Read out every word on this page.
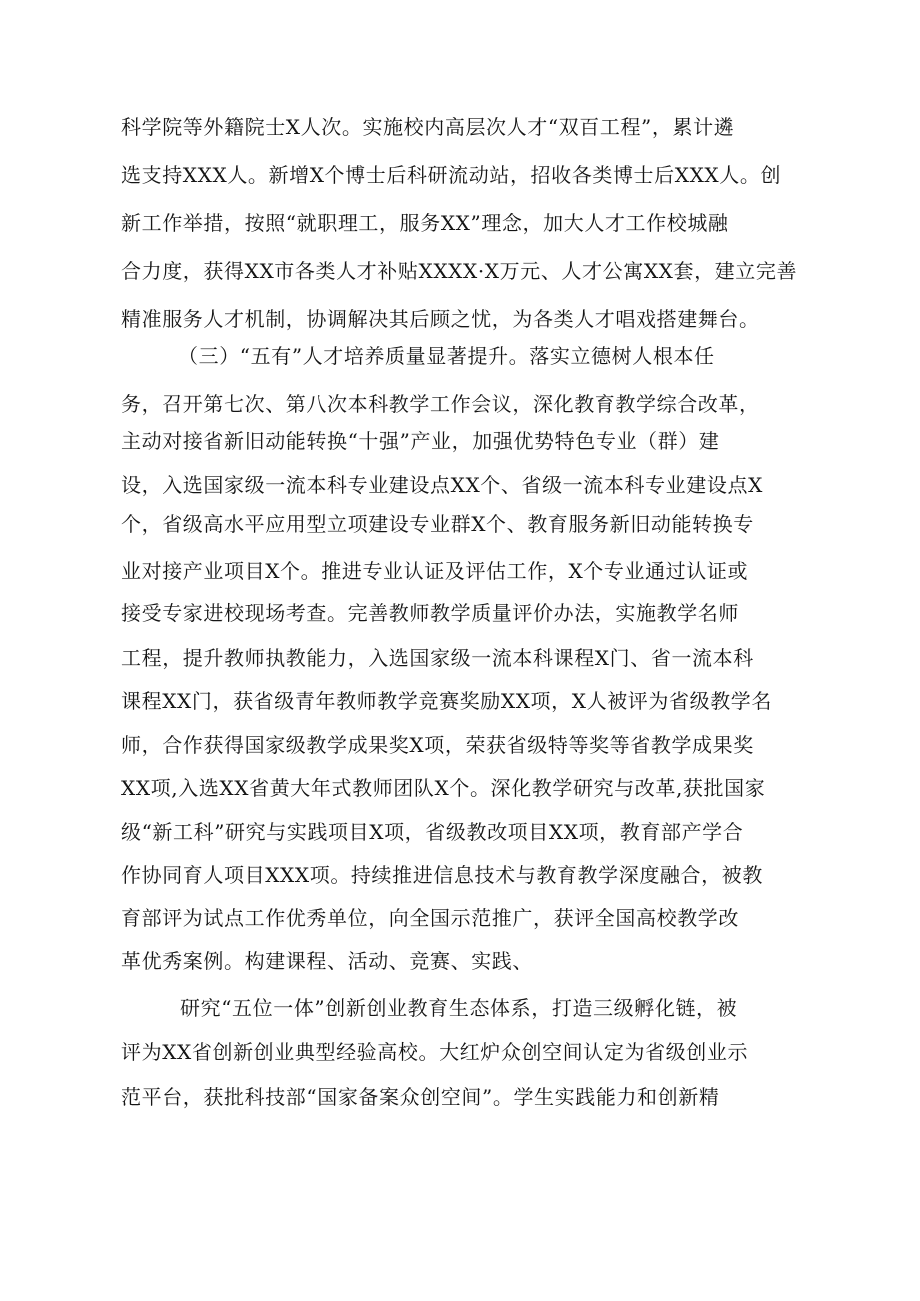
科学院等外籍院士X人次。实施校内高层次人才“双百工程”，累计遴
选支持XXX人。新增X个博士后科研流动站，招收各类博士后XXX人。创
新工作举措，按照“就职理工，服务XX”理念，加大人才工作校城融
合力度，获得XX市各类人才补贴XXXX·X万元、人才公寓XX套，建立完善
精准服务人才机制，协调解决其后顾之忧，为各类人才唱戏搭建舞台。
（三）“五有”人才培养质量显著提升。落实立德树人根本任
务，召开第七次、第八次本科教学工作会议，深化教育教学综合改革，
主动对接省新旧动能转换“十强”产业，加强优势特色专业（群）建
设，入选国家级一流本科专业建设点XX个、省级一流本科专业建设点X
个，省级高水平应用型立项建设专业群X个、教育服务新旧动能转换专
业对接产业项目X个。推进专业认证及评估工作，X个专业通过认证或
接受专家进校现场考查。完善教师教学质量评价办法，实施教学名师
工程，提升教师执教能力，入选国家级一流本科课程X门、省一流本科
课程XX门，获省级青年教师教学竞赛奖励XX项，X人被评为省级教学名
师，合作获得国家级教学成果奖X项，荣获省级特等奖等省教学成果奖
XX项,入选XX省黄大年式教师团队X个。深化教学研究与改革,获批国家
级“新工科”研究与实践项目X项，省级教改项目XX项，教育部产学合
作协同育人项目XXX项。持续推进信息技术与教育教学深度融合，被教
育部评为试点工作优秀单位，向全国示范推广，获评全国高校教学改
革优秀案例。构建课程、活动、竞赛、实践、
研究“五位一体”创新创业教育生态体系，打造三级孵化链，被
评为XX省创新创业典型经验高校。大红炉众创空间认定为省级创业示
范平台，获批科技部“国家备案众创空间”。学生实践能力和创新精
